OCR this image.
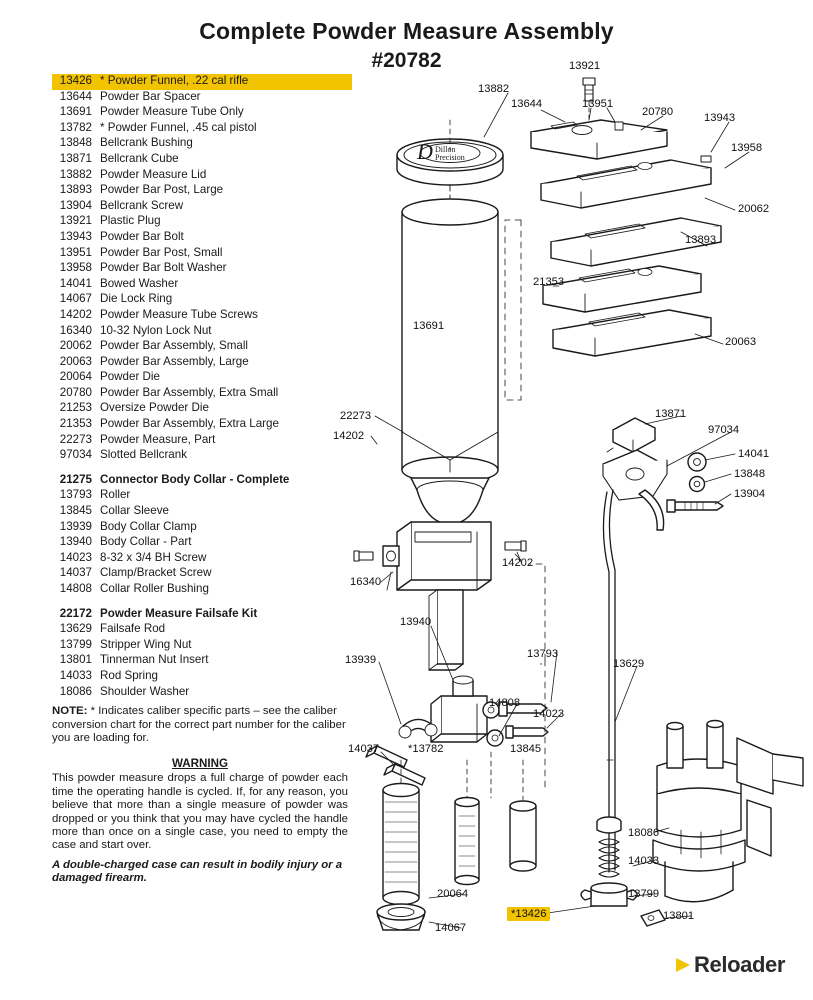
Complete Powder Measure Assembly
#20782
13426 * Powder Funnel, .22 cal rifle
13644 Powder Bar Spacer
13691 Powder Measure Tube Only
13782 * Powder Funnel, .45 cal pistol
13848 Bellcrank Bushing
13871 Bellcrank Cube
13882 Powder Measure Lid
13893 Powder Bar Post, Large
13904 Bellcrank Screw
13921 Plastic Plug
13943 Powder Bar Bolt
13951 Powder Bar Post, Small
13958 Powder Bar Bolt Washer
14041 Bowed Washer
14067 Die Lock Ring
14202 Powder Measure Tube Screws
16340 10-32 Nylon Lock Nut
20062 Powder Bar Assembly, Small
20063 Powder Bar Assembly, Large
20064 Powder Die
20780 Powder Bar Assembly, Extra Small
21253 Oversize Powder Die
21353 Powder Bar Assembly, Extra Large
22273 Powder Measure, Part
97034 Slotted Bellcrank
21275 Connector Body Collar - Complete
13793 Roller
13845 Collar Sleeve
13939 Body Collar Clamp
13940 Body Collar - Part
14023 8-32 x 3/4 BH Screw
14037 Clamp/Bracket Screw
14808 Collar Roller Bushing
22172 Powder Measure Failsafe Kit
13629 Failsafe Rod
13799 Stripper Wing Nut
13801 Tinnerman Nut Insert
14033 Rod Spring
18086 Shoulder Washer
NOTE: * Indicates caliber specific parts – see the caliber conversion chart for the correct part number for the caliber you are loading for.
WARNING
This powder measure drops a full charge of powder each time the operating handle is cycled. If, for any reason, you believe that more than a single measure of powder was dropped or you think that you may have cycled the handle more than once on a single case, you need to empty the case and start over.
A double-charged case can result in bodily injury or a damaged firearm.
Dillon
Precision
D
13921
13882
13644	13951
20780	13943
13958
20062
13893
21353
20063
13691
22273
14202
13871
97034
14041
13848
13904
14202
16340
13940
13793
13629
13939
14808
14023
14037	*13782	13845
18086
14033
13799
13801
20064
14067
*13426
Reloader
